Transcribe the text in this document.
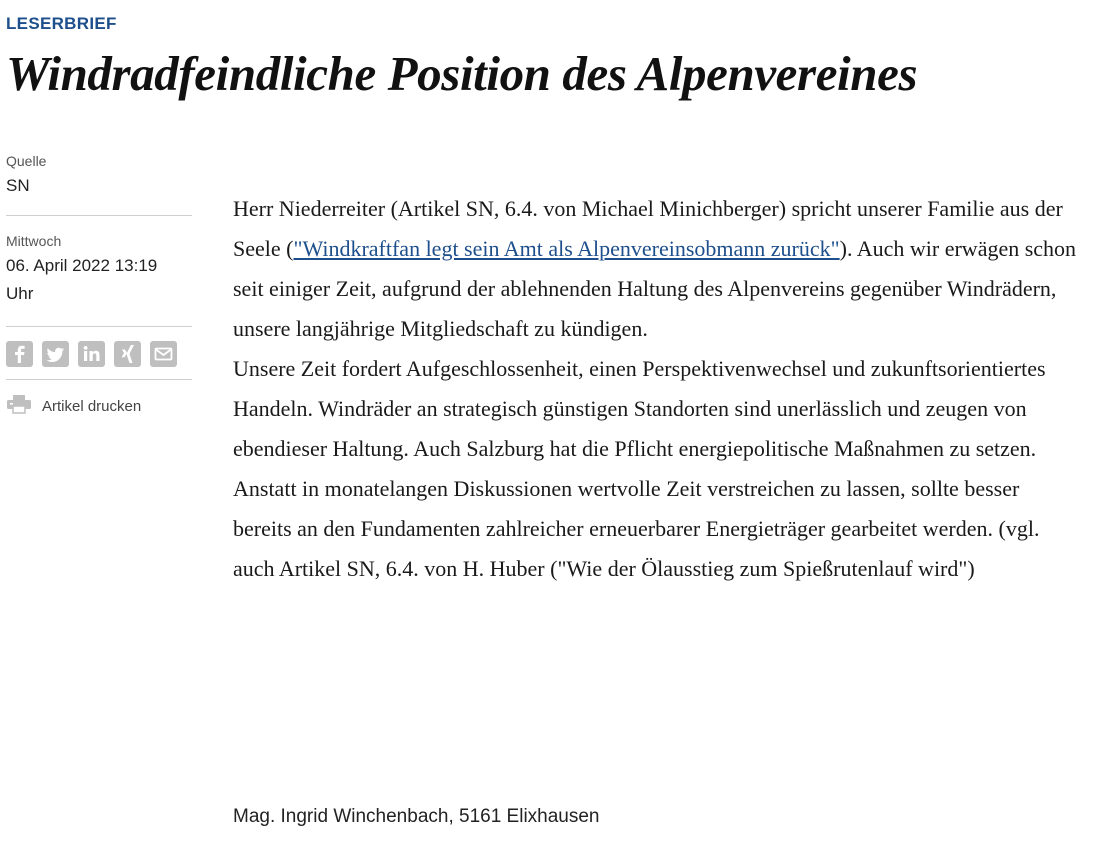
LESERBRIEF
Windradfeindliche Position des Alpenvereines
Quelle
SN
Mittwoch
06. April 2022 13:19
Uhr
Artikel drucken

Herr Niederreiter (Artikel SN, 6.4. von Michael Minichberger) spricht unserer Familie aus der Seele ("Windkraftfan legt sein Amt als Alpenvereinsobmann zurück"). Auch wir erwägen schon seit einiger Zeit, aufgrund der ablehnenden Haltung des Alpenvereins gegenüber Windrädern, unsere langjährige Mitgliedschaft zu kündigen.

Unsere Zeit fordert Aufgeschlossenheit, einen Perspektivenwechsel und zukunftsorientiertes Handeln. Windräder an strategisch günstigen Standorten sind unerlässlich und zeugen von ebendieser Haltung. Auch Salzburg hat die Pflicht energiepolitische Maßnahmen zu setzen. Anstatt in monatelangen Diskussionen wertvolle Zeit verstreichen zu lassen, sollte besser bereits an den Fundamenten zahlreicher erneuerbarer Energieträger gearbeitet werden. (vgl. auch Artikel SN, 6.4. von H. Huber ("Wie der Ölausstieg zum Spießrutenlauf wird")

Mag. Ingrid Winchenbach, 5161 Elixhausen
